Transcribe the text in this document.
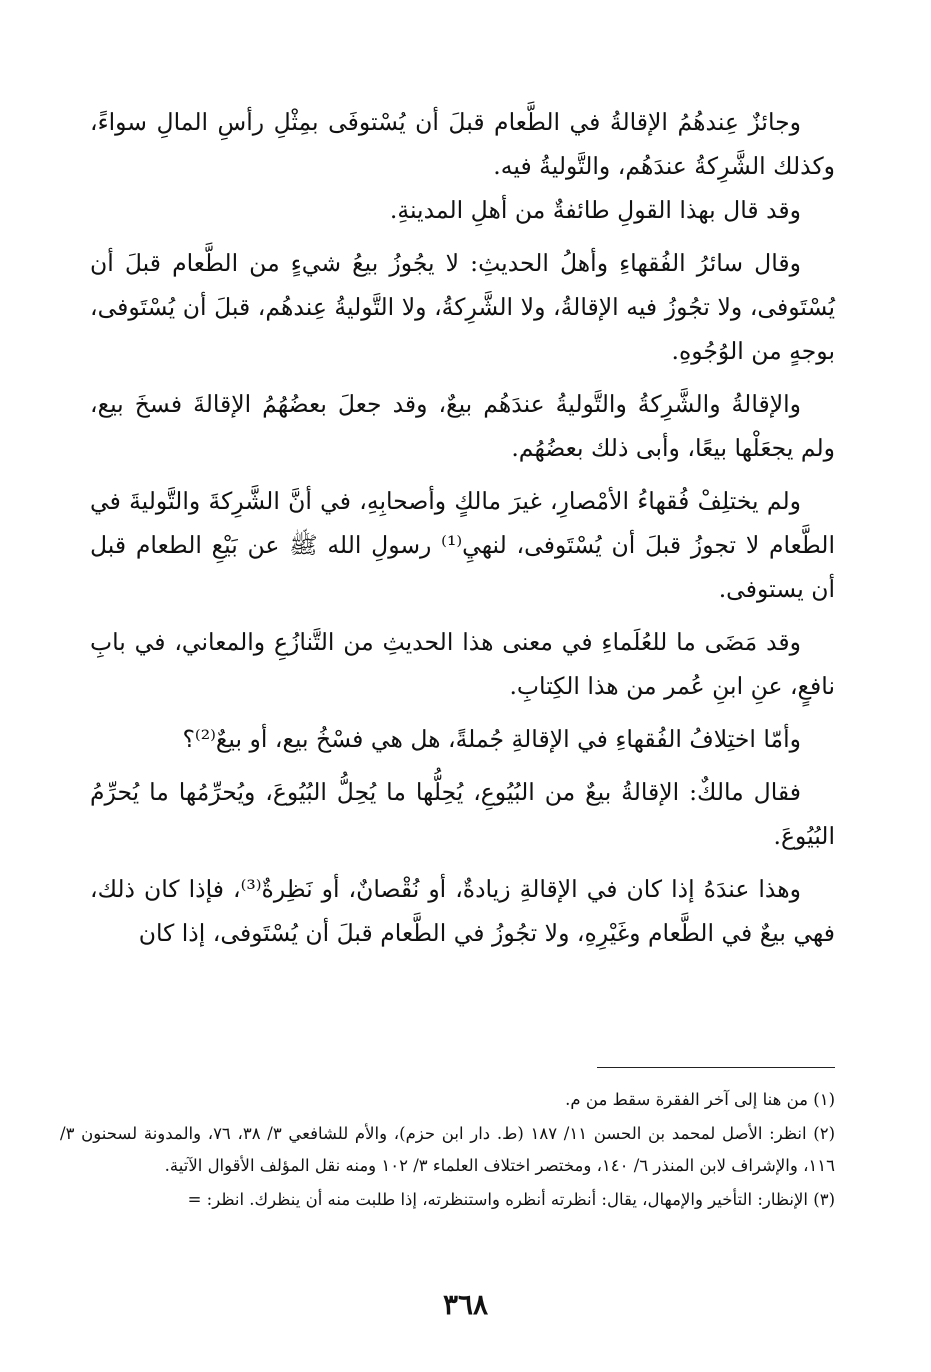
وجائزٌ عِندهُمُ الإقالةُ في الطَّعام قبلَ أن يُسْتوفَى بمِثْلِ رأسِ المالِ سواءً، وكذلك الشَّرِكةُ عندَهُم، والتَّوليةُ فيه.

وقد قال بهذا القولِ طائفةٌ من أهلِ المدينةِ.

وقال سائرُ الفُقهاءِ وأهلُ الحديثِ: لا يجُوزُ بيعُ شيءٍ من الطَّعام قبلَ أن يُسْتَوفى، ولا تجُوزُ فيه الإقالةُ، ولا الشَّرِكةُ، ولا التَّوليةُ عِندهُم، قبلَ أن يُسْتَوفى، بوجهٍ من الوُجُوهِ.

والإقالةُ والشَّرِكةُ والتَّوليةُ عندَهُم بيعٌ، وقد جعلَ بعضُهُمُ الإقالةَ فسخَ بيع، ولم يجعَلْها بيعًا، وأبى ذلك بعضُهُم.

ولم يختلِفْ فُقهاءُ الأمْصارِ، غيرَ مالكٍ وأصحابِهِ، في أنَّ الشَّرِكةَ والتَّوليةَ في الطَّعام لا تجوزُ قبلَ أن يُسْتَوفى، لنهيِ⁽¹⁾ رسولِ الله ﷺ عن بَيْعِ الطعام قبل أن يستوفى.

وقد مَضَى ما للعُلَماءِ في معنى هذا الحديثِ من التَّنازُعِ والمعاني، في بابِ نافعٍ، عنِ ابنِ عُمر من هذا الكِتابِ.

وأمّا اختِلافُ الفُقهاءِ في الإقالةِ جُملةً، هل هي فسْخُ بيع، أو بيعٌ⁽²⁾؟

فقال مالكٌ: الإقالةُ بيعٌ من البُيُوعِ، يُحِلُّها ما يُحِلُّ البُيُوعَ، ويُحرِّمُها ما يُحرِّمُ البُيُوعَ.

وهذا عندَهُ إذا كان في الإقالةِ زيادةٌ، أو نُقْصانٌ، أو نَظِرةٌ⁽³⁾، فإذا كان ذلك، فهي بيعٌ في الطَّعام وغَيْرِهِ، ولا تجُوزُ في الطَّعام قبلَ أن يُسْتَوفى، إذا كان

(١) من هنا إلى آخر الفقرة سقط من م.

(٢) انظر: الأصل لمحمد بن الحسن ١١/ ١٨٧ (ط. دار ابن حزم)، والأم للشافعي ٣/ ٣٨، ٧٦، والمدونة لسحنون ٣/ ١١٦، والإشراف لابن المنذر ٦/ ١٤٠، ومختصر اختلاف العلماء ٣/ ١٠٢ ومنه نقل المؤلف الأقوال الآتية.

(٣) الإنظار: التأخير والإمهال، يقال: أنظرته أنظره واستنظرته، إذا طلبت منه أن ينظرك. انظر: =

٣٦٨
